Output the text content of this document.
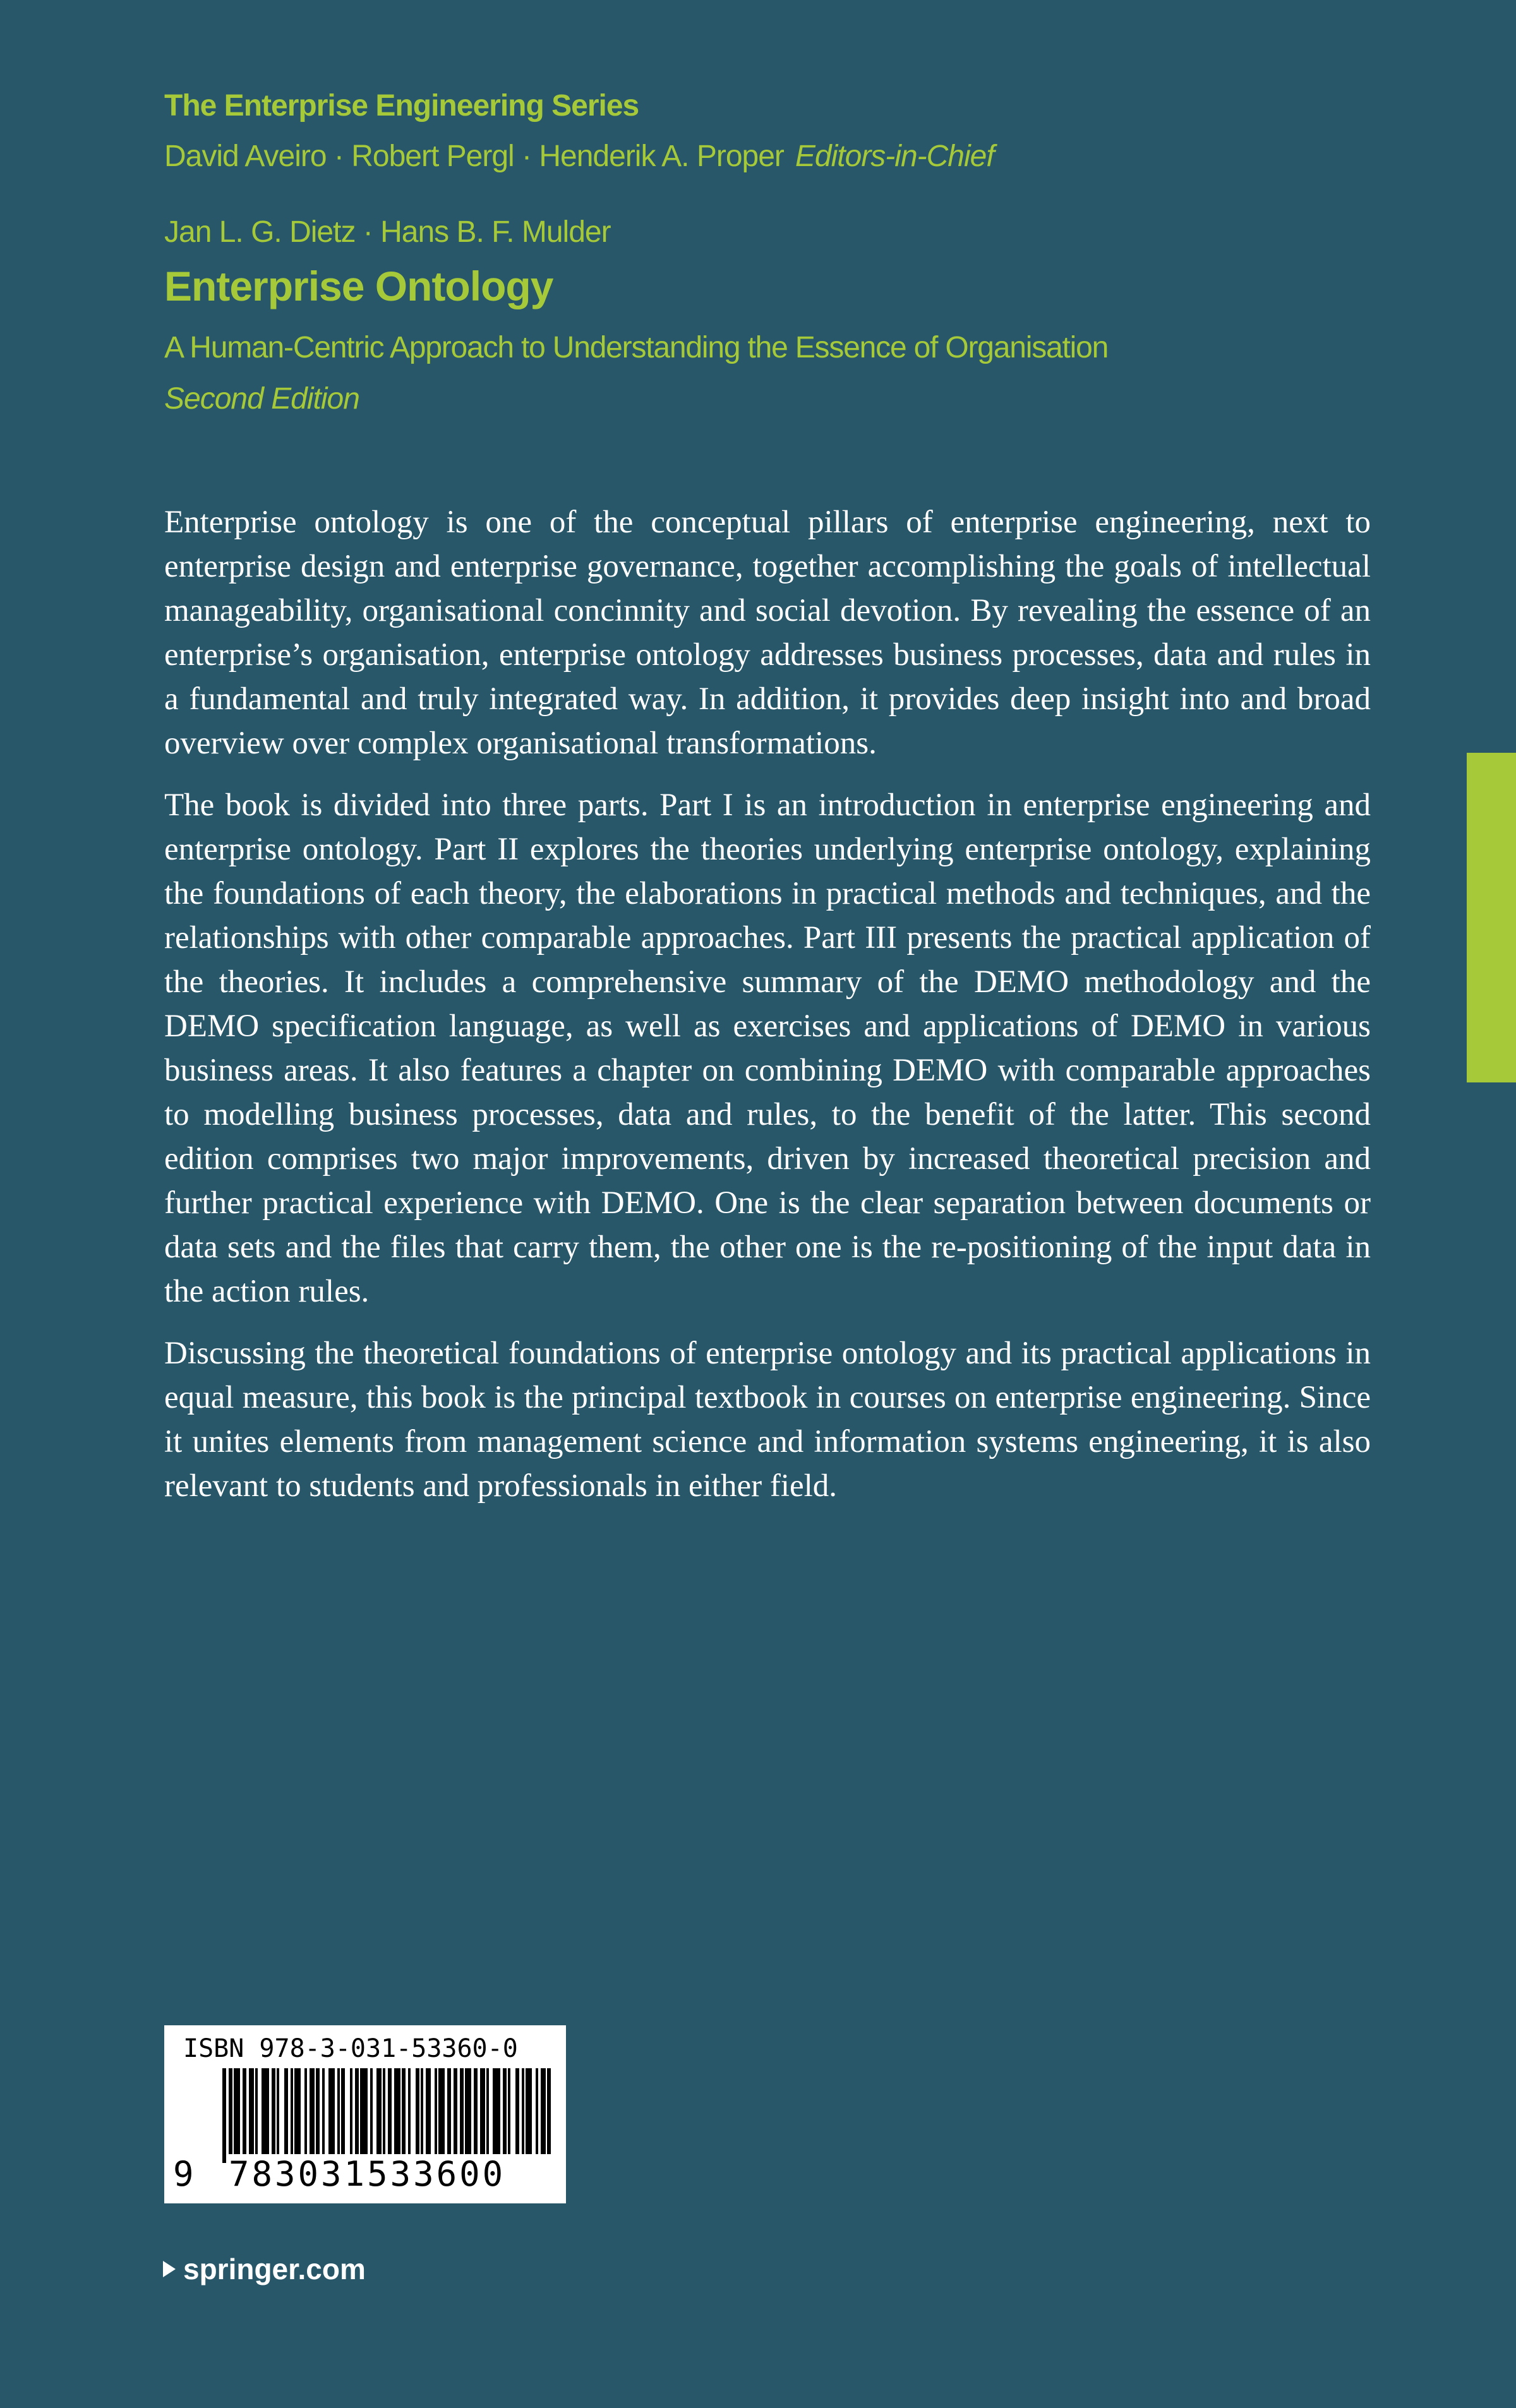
The Enterprise Engineering Series
David Aveiro · Robert Pergl · Henderik A. Proper Editors-in-Chief
Jan L. G. Dietz · Hans B. F. Mulder
Enterprise Ontology
A Human-Centric Approach to Understanding the Essence of Organisation
Second Edition

Enterprise ontology is one of the conceptual pillars of enterprise engineering, next to enterprise design and enterprise governance, together accomplishing the goals of intellectual manageability, organisational concinnity and social devotion. By revealing the essence of an enterprise’s organisation, enterprise ontology addresses business processes, data and rules in a fundamental and truly integrated way. In addition, it provides deep insight into and broad overview over complex organisational transformations.

The book is divided into three parts. Part I is an introduction in enterprise engineering and enterprise ontology. Part II explores the theories underlying enterprise ontology, explaining the foundations of each theory, the elaborations in practical methods and techniques, and the relationships with other comparable approaches. Part III presents the practical application of the theories. It includes a comprehensive summary of the DEMO methodology and the DEMO specification language, as well as exercises and applications of DEMO in various business areas. It also features a chapter on combining DEMO with comparable approaches to modelling business processes, data and rules, to the benefit of the latter. This second edition comprises two major improvements, driven by increased theoretical precision and further practical experience with DEMO. One is the clear separation between documents or data sets and the files that carry them, the other one is the re-positioning of the input data in the action rules.

Discussing the theoretical foundations of enterprise ontology and its practical applications in equal measure, this book is the principal textbook in courses on enterprise engineering. Since it unites elements from management science and information systems engineering, it is also relevant to students and professionals in either field.

ISBN 978-3-031-53360-0
9 783031533600
springer.com
